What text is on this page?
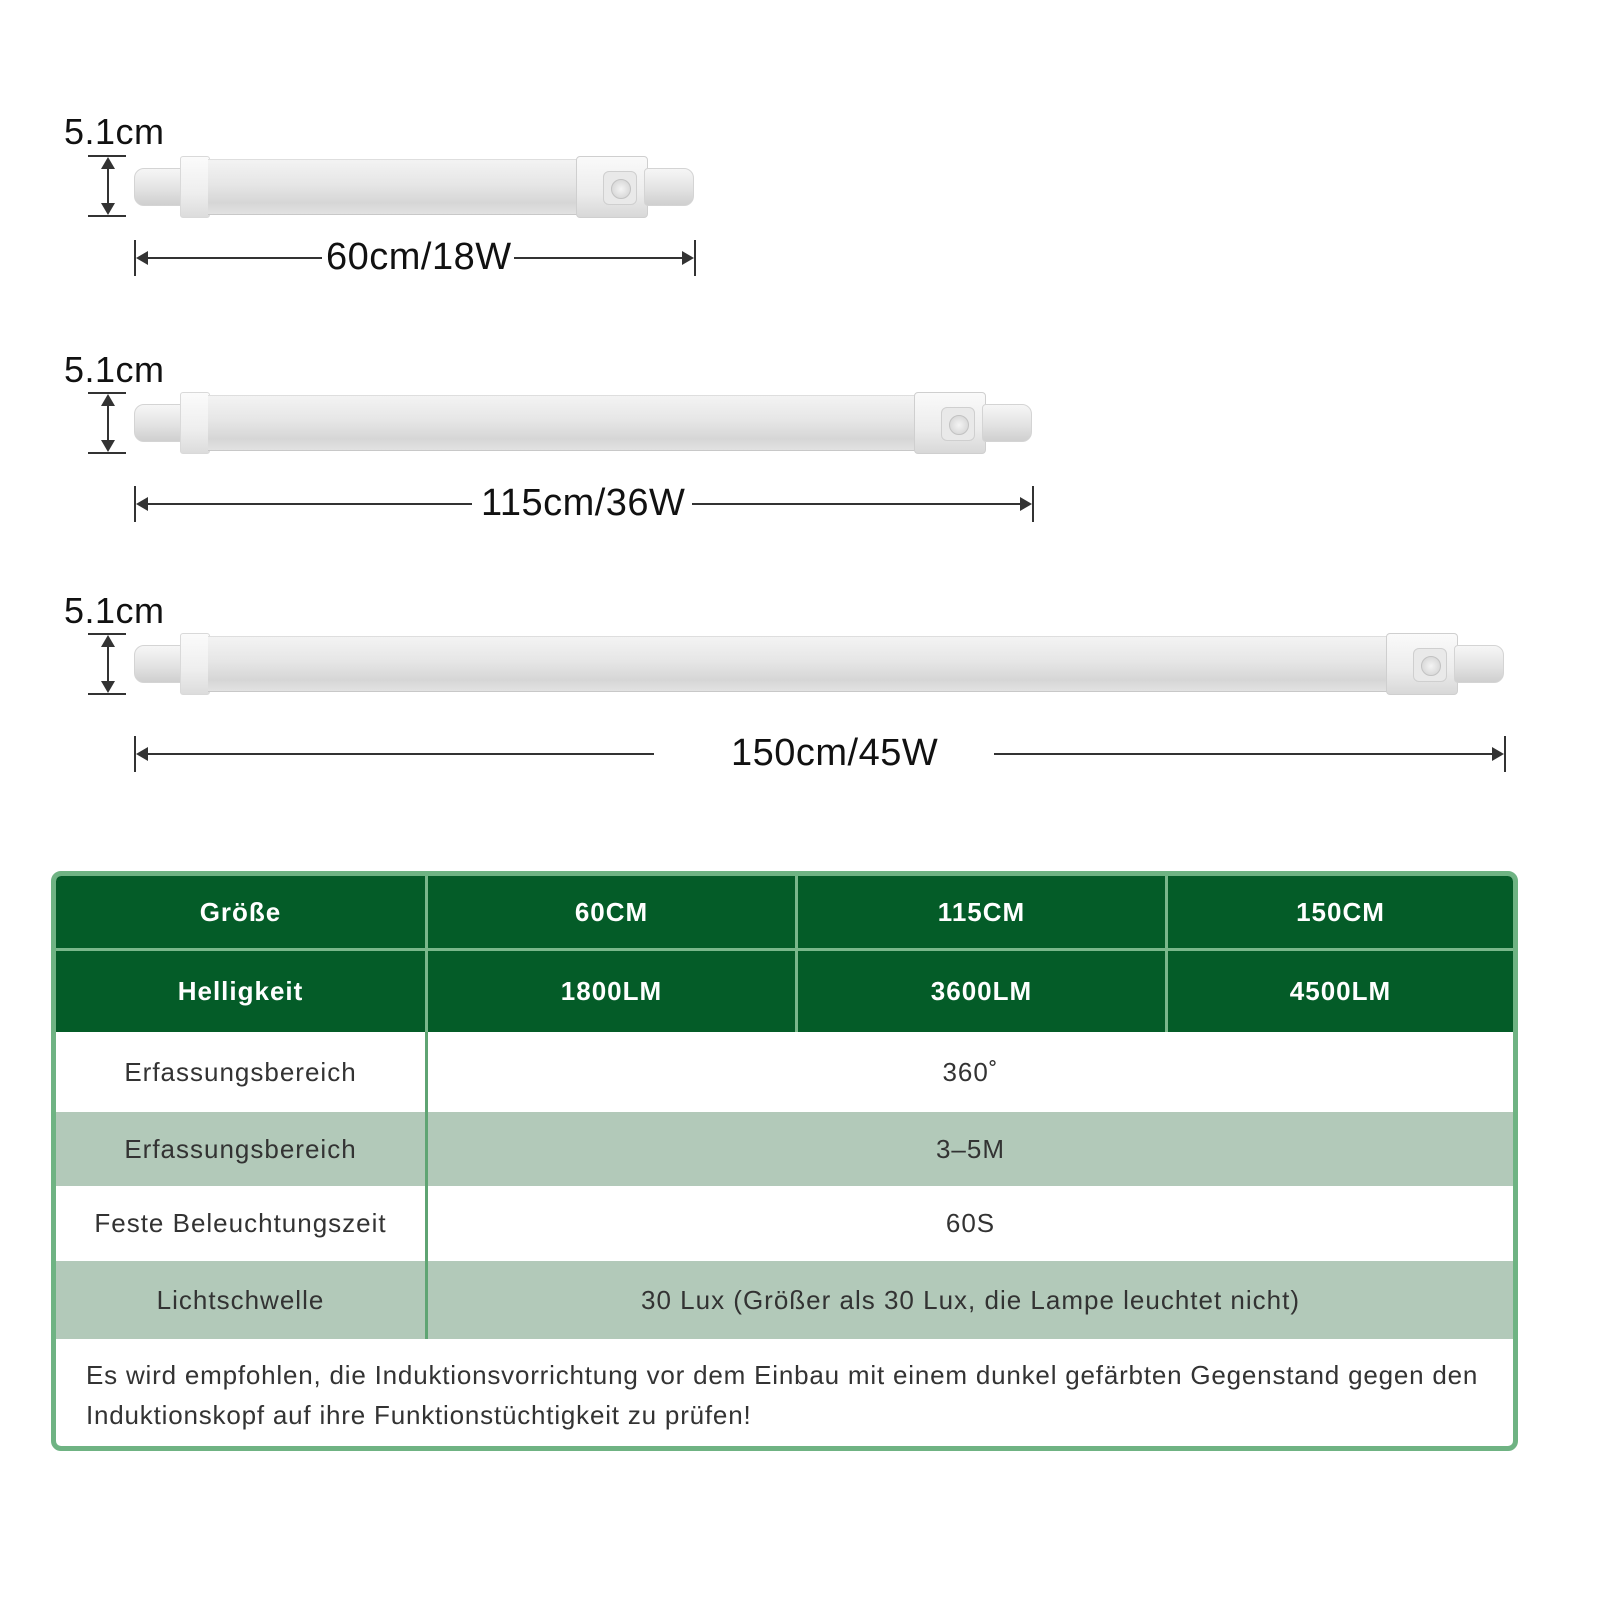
5.1cm
60cm/18W
5.1cm
115cm/36W
5.1cm
150cm/45W
Größe	60CM	115CM	150CM
Helligkeit	1800LM	3600LM	4500LM
Erfassungsbereich	360˚
Erfassungsbereich	3–5M
Feste Beleuchtungszeit	60S
Lichtschwelle	30 Lux (Größer als 30 Lux, die Lampe leuchtet nicht)
Es wird empfohlen, die Induktionsvorrichtung vor dem Einbau mit einem dunkel gefärbten Gegenstand gegen den Induktionskopf auf ihre Funktionstüchtigkeit zu prüfen!
